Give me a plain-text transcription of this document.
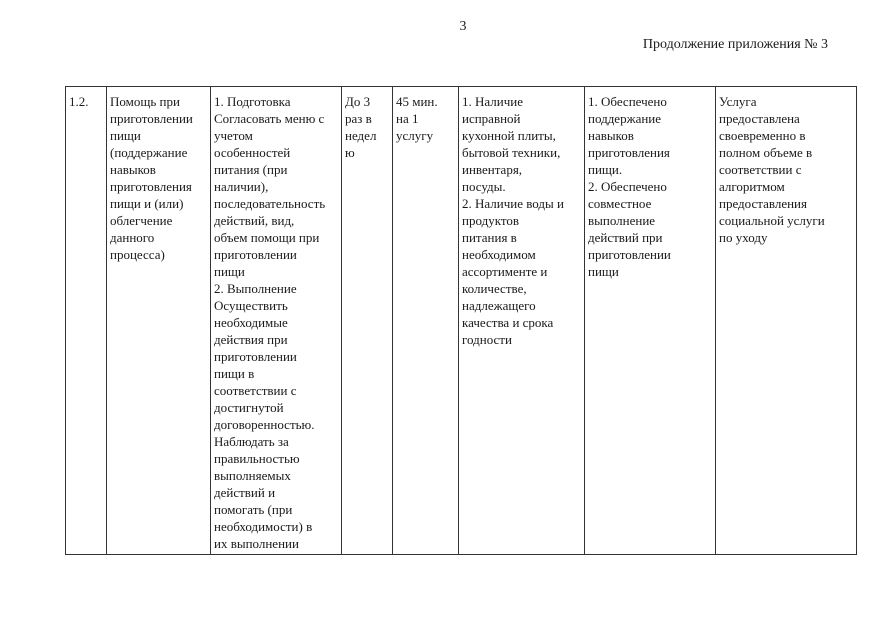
3
Продолжение приложения № 3
1.2.	Помощь при
приготовлении
пищи
(поддержание
навыков
приготовления
пищи и (или)
облегчение
данного
процесса)

1. Подготовка
Согласовать меню с
учетом
особенностей
питания (при
наличии),
последовательность
действий, вид,
объем помощи при
приготовлении
пищи
2. Выполнение
Осуществить
необходимые
действия при
приготовлении
пищи в
соответствии с
достигнутой
договоренностью.
Наблюдать за
правильностью
выполняемых
действий и
помогать (при
необходимости) в
их выполнении

До 3
раз в
недел
ю

45 мин.
на 1
услугу

1. Наличие
исправной
кухонной плиты,
бытовой техники,
инвентаря,
посуды.
2. Наличие воды и
продуктов
питания в
необходимом
ассортименте и
количестве,
надлежащего
качества и срока
годности

1. Обеспечено
поддержание
навыков
приготовления
пищи.
2. Обеспечено
совместное
выполнение
действий при
приготовлении
пищи

Услуга
предоставлена
своевременно в
полном объеме в
соответствии с
алгоритмом
предоставления
социальной услуги
по уходу
